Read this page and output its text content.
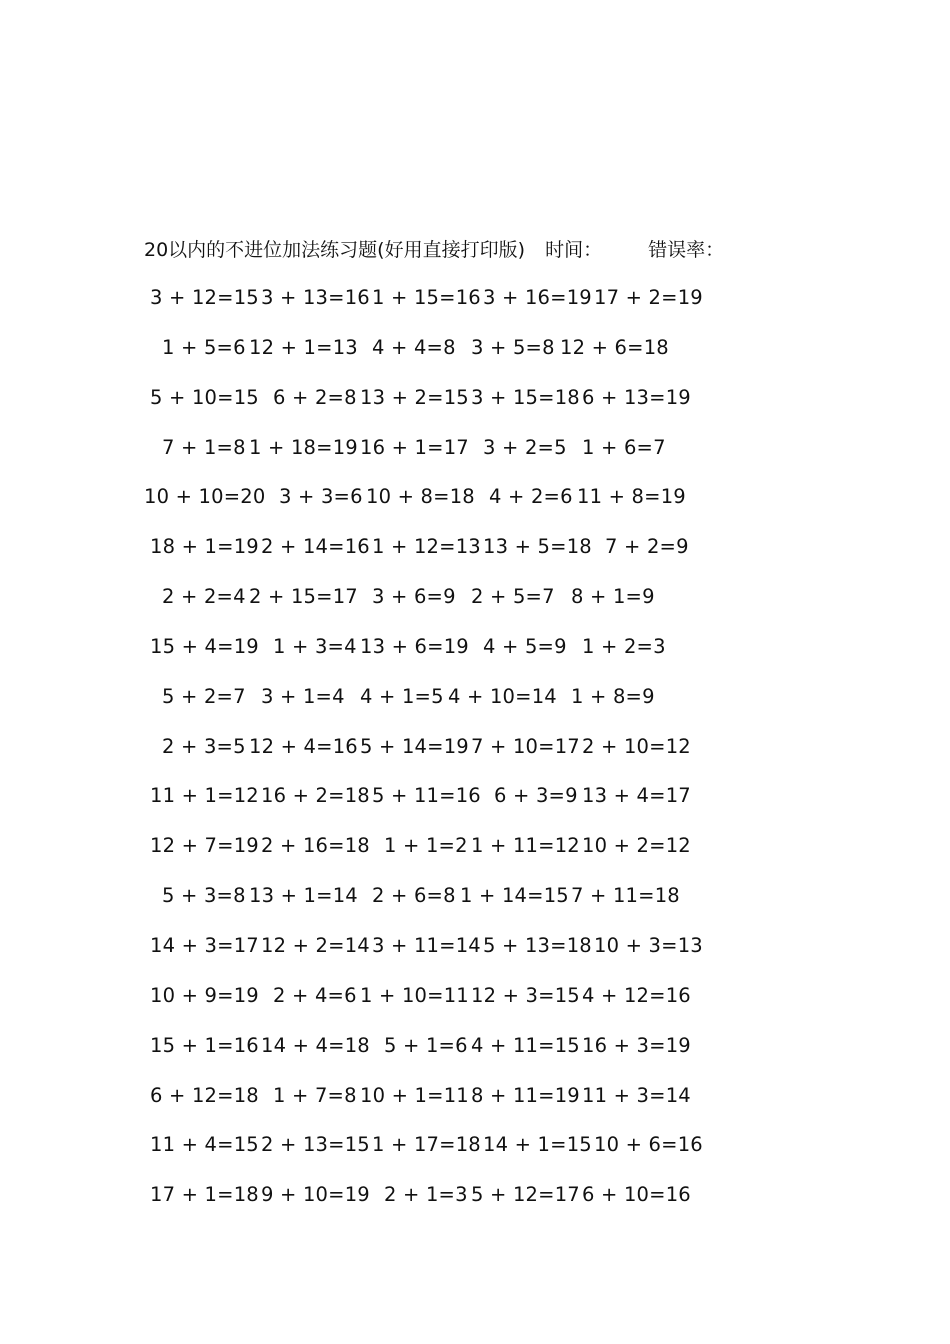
20以内的不进位加法练习题(好用直接打印版) 时间： 错误率：
3 + 12=15 3 + 13=16 1 + 15=16 3 + 16=19 17 + 2=19
1 + 5=6 12 + 1=13 4 + 4=8 3 + 5=8 12 + 6=18
5 + 10=15 6 + 2=8 13 + 2=15 3 + 15=18 6 + 13=19
7 + 1=8 1 + 18=19 16 + 1=17 3 + 2=5 1 + 6=7
10 + 10=20 3 + 3=6 10 + 8=18 4 + 2=6 11 + 8=19
18 + 1=19 2 + 14=16 1 + 12=13 13 + 5=18 7 + 2=9
2 + 2=4 2 + 15=17 3 + 6=9 2 + 5=7 8 + 1=9
15 + 4=19 1 + 3=4 13 + 6=19 4 + 5=9 1 + 2=3
5 + 2=7 3 + 1=4 4 + 1=5 4 + 10=14 1 + 8=9
2 + 3=5 12 + 4=16 5 + 14=19 7 + 10=17 2 + 10=12
11 + 1=12 16 + 2=18 5 + 11=16 6 + 3=9 13 + 4=17
12 + 7=19 2 + 16=18 1 + 1=2 1 + 11=12 10 + 2=12
5 + 3=8 13 + 1=14 2 + 6=8 1 + 14=15 7 + 11=18
14 + 3=17 12 + 2=14 3 + 11=14 5 + 13=18 10 + 3=13
10 + 9=19 2 + 4=6 1 + 10=11 12 + 3=15 4 + 12=16
15 + 1=16 14 + 4=18 5 + 1=6 4 + 11=15 16 + 3=19
6 + 12=18 1 + 7=8 10 + 1=11 8 + 11=19 11 + 3=14
11 + 4=15 2 + 13=15 1 + 17=18 14 + 1=15 10 + 6=16
17 + 1=18 9 + 10=19 2 + 1=3 5 + 12=17 6 + 10=16
